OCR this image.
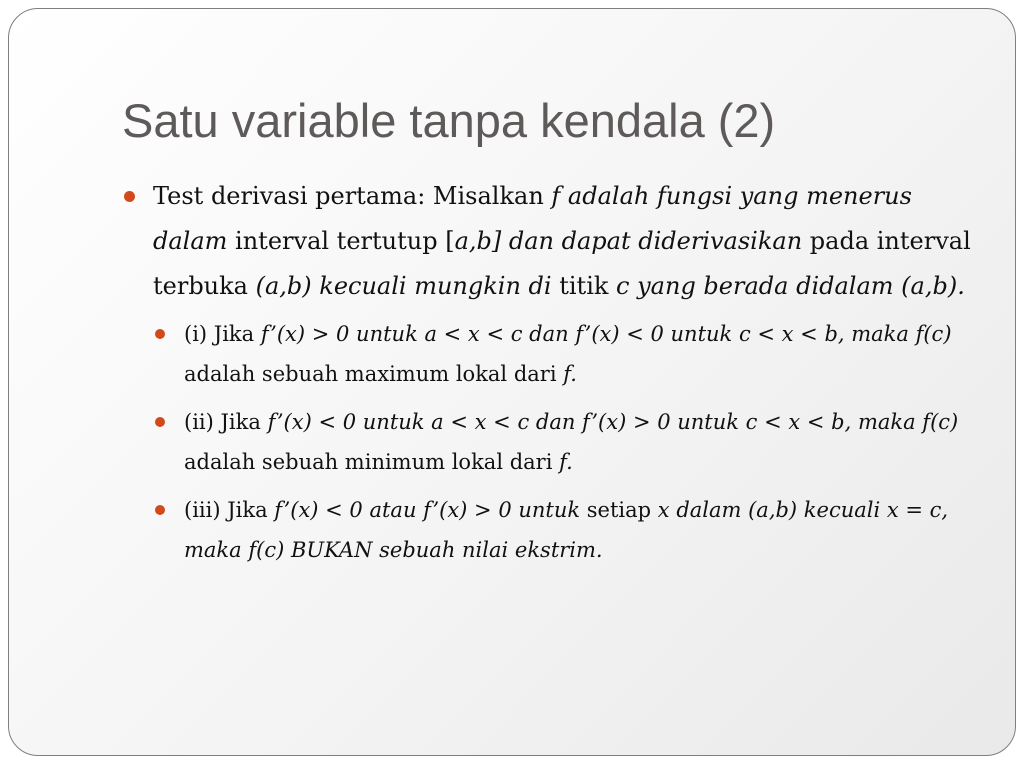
Satu variable tanpa kendala (2)
Test derivasi pertama: Misalkan f adalah fungsi yang menerus dalam interval tertutup [a,b] dan dapat diderivasikan pada interval terbuka (a,b) kecuali mungkin di titik c yang berada didalam (a,b).
(i) Jika f’(x) > 0 untuk a < x < c dan f’(x) < 0 untuk c < x < b, maka f(c) adalah sebuah maximum lokal dari f.
(ii) Jika f’(x) < 0 untuk a < x < c dan f’(x) > 0 untuk c < x < b, maka f(c) adalah sebuah minimum lokal dari f.
(iii) Jika f’(x) < 0 atau f’(x) > 0 untuk setiap x dalam (a,b) kecuali x = c, maka f(c) BUKAN sebuah nilai ekstrim.
